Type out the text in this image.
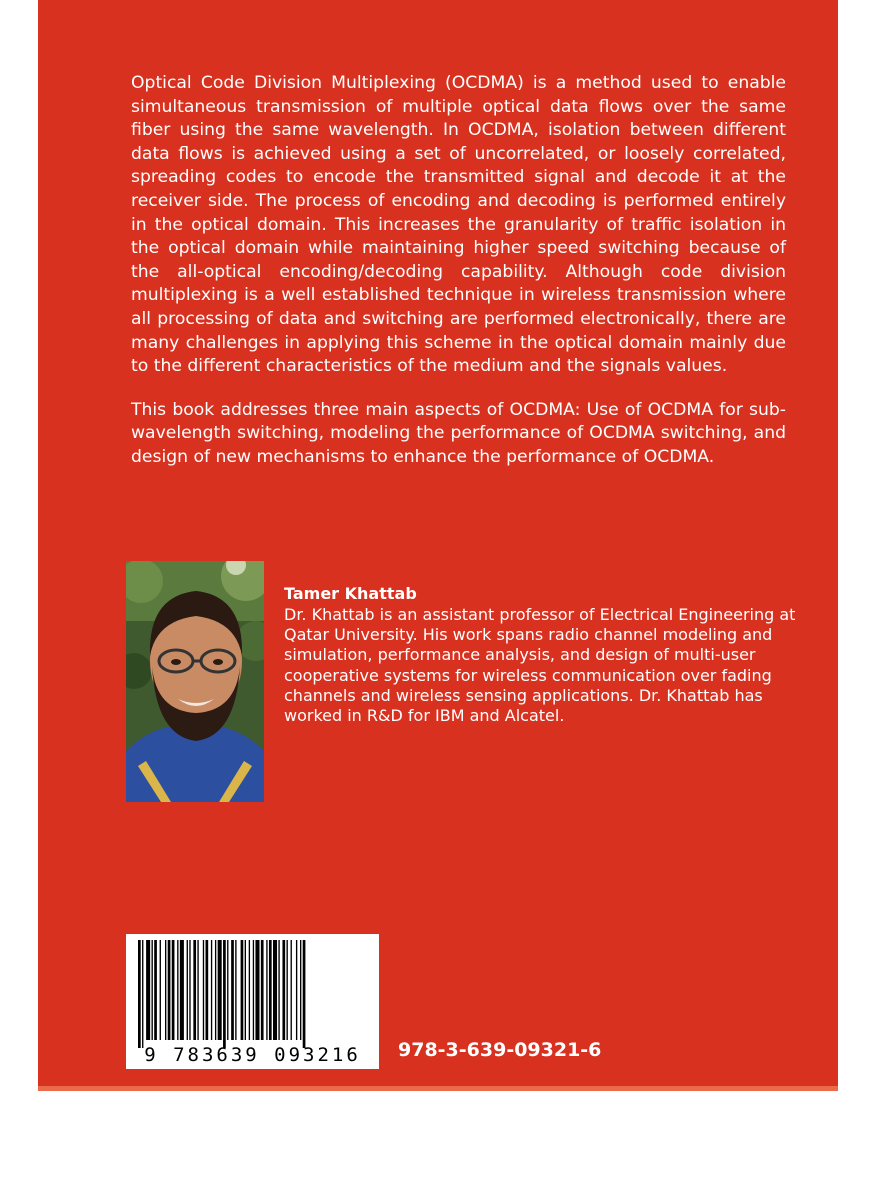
Optical Code Division Multiplexing (OCDMA) is a method used to enable simultaneous transmission of multiple optical data flows over the same fiber using the same wavelength. In OCDMA, isolation between different data flows is achieved using a set of uncorrelated, or loosely correlated, spreading codes to encode the transmitted signal and decode it at the receiver side. The process of encoding and decoding is performed entirely in the optical domain. This increases the granularity of traffic isolation in the optical domain while maintaining higher speed switching because of the all-optical encoding/decoding capability. Although code division multiplexing is a well established technique in wireless transmission where all processing of data and switching are performed electronically, there are many challenges in applying this scheme in the optical domain mainly due to the different characteristics of the medium and the signals values.

This book addresses three main aspects of OCDMA: Use of OCDMA for sub- wavelength switching, modeling the performance of OCDMA switching, and design of new mechanisms to enhance the performance of OCDMA.

Tamer Khattab
Dr. Khattab is an assistant professor of Electrical Engineering at Qatar University. His work spans radio channel modeling and simulation, performance analysis, and design of multi-user cooperative systems for wireless communication over fading channels and wireless sensing applications. Dr. Khattab has worked in R&D for IBM and Alcatel.
9 783639 093216	978-3-639-09321-6
